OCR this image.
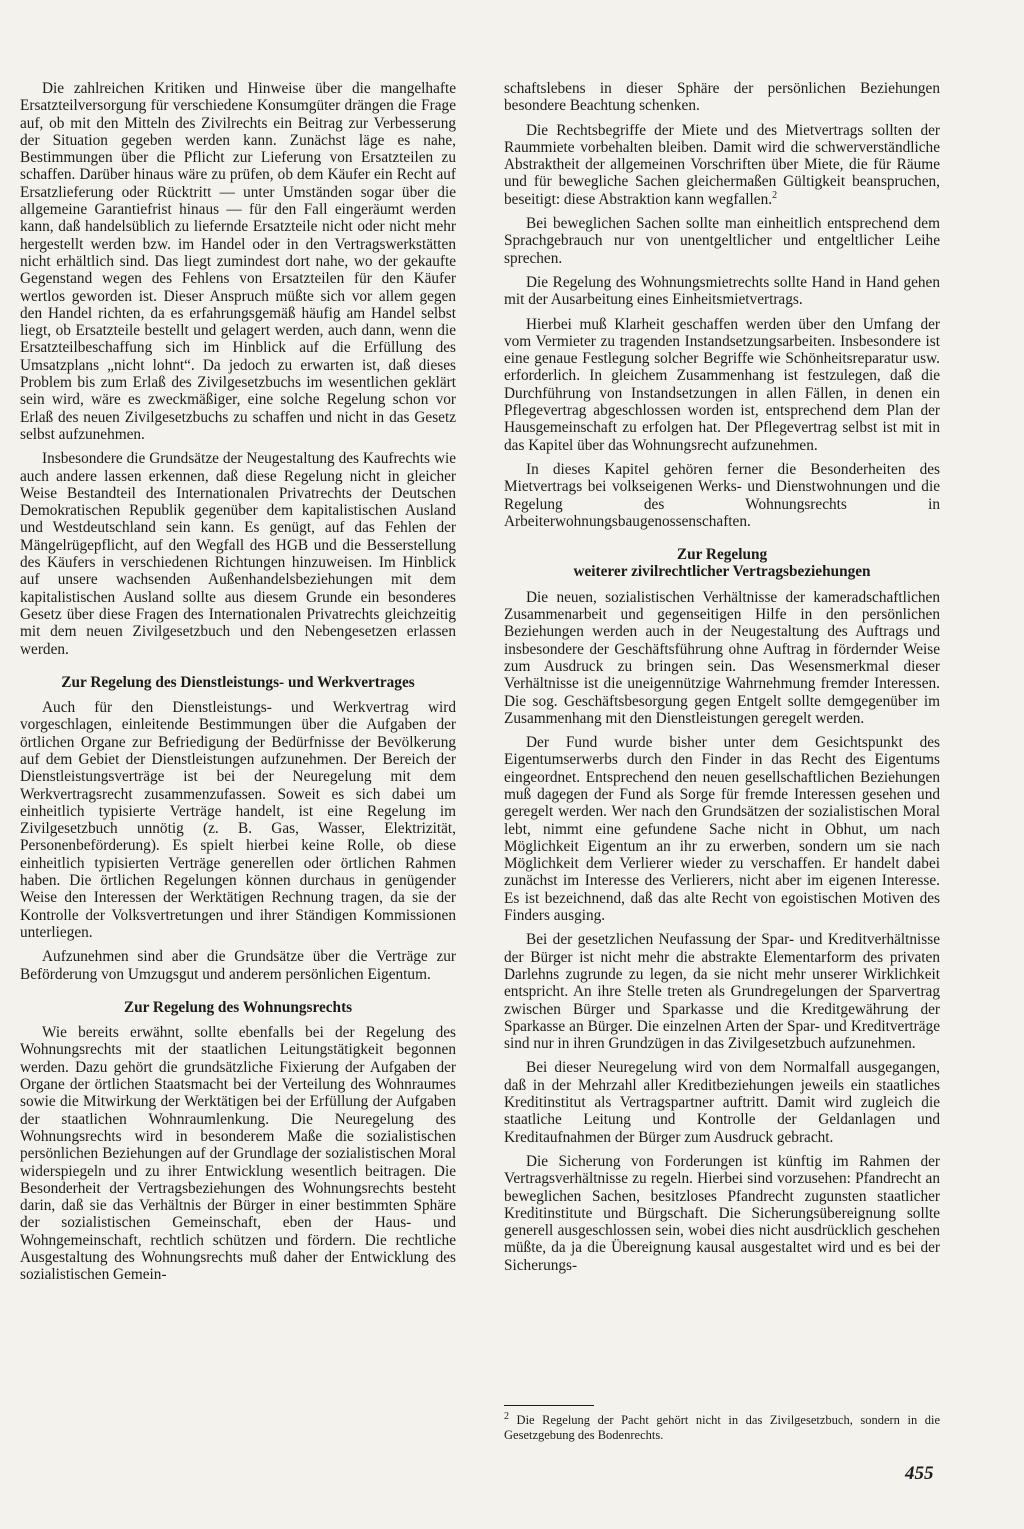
Die zahlreichen Kritiken und Hinweise über die mangelhafte Ersatzteilversorgung für verschiedene Konsumgüter drängen die Frage auf, ob mit den Mitteln des Zivilrechts ein Beitrag zur Verbesserung der Situation gegeben werden kann. Zunächst läge es nahe, Bestimmungen über die Pflicht zur Lieferung von Ersatzteilen zu schaffen. Darüber hinaus wäre zu prüfen, ob dem Käufer ein Recht auf Ersatzlieferung oder Rücktritt — unter Umständen sogar über die allgemeine Garantiefrist hinaus — für den Fall eingeräumt werden kann, daß handelsüblich zu liefernde Ersatzteile nicht oder nicht mehr hergestellt werden bzw. im Handel oder in den Vertragswerkstätten nicht erhältlich sind. Das liegt zumindest dort nahe, wo der gekaufte Gegenstand wegen des Fehlens von Ersatzteilen für den Käufer wertlos geworden ist. Dieser Anspruch müßte sich vor allem gegen den Handel richten, da es erfahrungsgemäß häufig am Handel selbst liegt, ob Ersatzteile bestellt und gelagert werden, auch dann, wenn die Ersatzteilbeschaffung sich im Hinblick auf die Erfüllung des Umsatzplans „nicht lohnt“. Da jedoch zu erwarten ist, daß dieses Problem bis zum Erlaß des Zivilgesetzbuchs im wesentlichen geklärt sein wird, wäre es zweckmäßiger, eine solche Regelung schon vor Erlaß des neuen Zivilgesetzbuchs zu schaffen und nicht in das Gesetz selbst aufzunehmen.

Insbesondere die Grundsätze der Neugestaltung des Kaufrechts wie auch andere lassen erkennen, daß diese Regelung nicht in gleicher Weise Bestandteil des Internationalen Privatrechts der Deutschen Demokratischen Republik gegenüber dem kapitalistischen Ausland und Westdeutschland sein kann. Es genügt, auf das Fehlen der Mängelrügepflicht, auf den Wegfall des HGB und die Besserstellung des Käufers in verschiedenen Richtungen hinzuweisen. Im Hinblick auf unsere wachsenden Außenhandelsbeziehungen mit dem kapitalistischen Ausland sollte aus diesem Grunde ein besonderes Gesetz über diese Fragen des Internationalen Privatrechts gleichzeitig mit dem neuen Zivilgesetzbuch und den Nebengesetzen erlassen werden.

Zur Regelung des Dienstleistungs- und Werkvertrages

Auch für den Dienstleistungs- und Werkvertrag wird vorgeschlagen, einleitende Bestimmungen über die Aufgaben der örtlichen Organe zur Befriedigung der Bedürfnisse der Bevölkerung auf dem Gebiet der Dienstleistungen aufzunehmen. Der Bereich der Dienstleistungsverträge ist bei der Neuregelung mit dem Werkvertragsrecht zusammenzufassen. Soweit es sich dabei um einheitlich typisierte Verträge handelt, ist eine Regelung im Zivilgesetzbuch unnötig (z. B. Gas, Wasser, Elektrizität, Personenbeförderung). Es spielt hierbei keine Rolle, ob diese einheitlich typisierten Verträge generellen oder örtlichen Rahmen haben. Die örtlichen Regelungen können durchaus in genügender Weise den Interessen der Werktätigen Rechnung tragen, da sie der Kontrolle der Volksvertretungen und ihrer Ständigen Kommissionen unterliegen.

Aufzunehmen sind aber die Grundsätze über die Verträge zur Beförderung von Umzugsgut und anderem persönlichen Eigentum.

Zur Regelung des Wohnungsrechts

Wie bereits erwähnt, sollte ebenfalls bei der Regelung des Wohnungsrechts mit der staatlichen Leitungstätigkeit begonnen werden. Dazu gehört die grundsätzliche Fixierung der Aufgaben der Organe der örtlichen Staatsmacht bei der Verteilung des Wohnraumes sowie die Mitwirkung der Werktätigen bei der Erfüllung der Aufgaben der staatlichen Wohnraumlenkung. Die Neuregelung des Wohnungsrechts wird in besonderem Maße die sozialistischen persönlichen Beziehungen auf der Grundlage der sozialistischen Moral widerspiegeln und zu ihrer Entwicklung wesentlich beitragen. Die Besonderheit der Vertragsbeziehungen des Wohnungsrechts besteht darin, daß sie das Verhältnis der Bürger in einer bestimmten Sphäre der sozialistischen Gemeinschaft, eben der Haus- und Wohngemeinschaft, rechtlich schützen und fördern. Die rechtliche Ausgestaltung des Wohnungsrechts muß daher der Entwicklung des sozialistischen Gemein-

schaftslebens in dieser Sphäre der persönlichen Beziehungen besondere Beachtung schenken.

Die Rechtsbegriffe der Miete und des Mietvertrags sollten der Raummiete vorbehalten bleiben. Damit wird die schwerverständliche Abstraktheit der allgemeinen Vorschriften über Miete, die für Räume und für bewegliche Sachen gleichermaßen Gültigkeit beanspruchen, beseitigt: diese Abstraktion kann wegfallen.$^2$

Bei beweglichen Sachen sollte man einheitlich entsprechend dem Sprachgebrauch nur von unentgeltlicher und entgeltlicher Leihe sprechen.

Die Regelung des Wohnungsmietrechts sollte Hand in Hand gehen mit der Ausarbeitung eines Einheitsmietvertrags.

Hierbei muß Klarheit geschaffen werden über den Umfang der vom Vermieter zu tragenden Instandsetzungsarbeiten. Insbesondere ist eine genaue Festlegung solcher Begriffe wie Schönheitsreparatur usw. erforderlich. In gleichem Zusammenhang ist festzulegen, daß die Durchführung von Instandsetzungen in allen Fällen, in denen ein Pflegevertrag abgeschlossen worden ist, entsprechend dem Plan der Hausgemeinschaft zu erfolgen hat. Der Pflegevertrag selbst ist mit in das Kapitel über das Wohnungsrecht aufzunehmen.

In dieses Kapitel gehören ferner die Besonderheiten des Mietvertrags bei volkseigenen Werks- und Dienstwohnungen und die Regelung des Wohnungsrechts in Arbeiterwohnungsbaugenossenschaften.

Zur Regelung
weiterer zivilrechtlicher Vertragsbeziehungen

Die neuen, sozialistischen Verhältnisse der kameradschaftlichen Zusammenarbeit und gegenseitigen Hilfe in den persönlichen Beziehungen werden auch in der Neugestaltung des Auftrags und insbesondere der Geschäftsführung ohne Auftrag in fördernder Weise zum Ausdruck zu bringen sein. Das Wesensmerkmal dieser Verhältnisse ist die uneigennützige Wahrnehmung fremder Interessen. Die sog. Geschäftsbesorgung gegen Entgelt sollte demgegenüber im Zusammenhang mit den Dienstleistungen geregelt werden.

Der Fund wurde bisher unter dem Gesichtspunkt des Eigentumserwerbs durch den Finder in das Recht des Eigentums eingeordnet. Entsprechend den neuen gesellschaftlichen Beziehungen muß dagegen der Fund als Sorge für fremde Interessen gesehen und geregelt werden. Wer nach den Grundsätzen der sozialistischen Moral lebt, nimmt eine gefundene Sache nicht in Obhut, um nach Möglichkeit Eigentum an ihr zu erwerben, sondern um sie nach Möglichkeit dem Verlierer wieder zu verschaffen. Er handelt dabei zunächst im Interesse des Verlierers, nicht aber im eigenen Interesse. Es ist bezeichnend, daß das alte Recht von egoistischen Motiven des Finders ausging.

Bei der gesetzlichen Neufassung der Spar- und Kreditverhältnisse der Bürger ist nicht mehr die abstrakte Elementarform des privaten Darlehns zugrunde zu legen, da sie nicht mehr unserer Wirklichkeit entspricht. An ihre Stelle treten als Grundregelungen der Sparvertrag zwischen Bürger und Sparkasse und die Kreditgewährung der Sparkasse an Bürger. Die einzelnen Arten der Spar- und Kreditverträge sind nur in ihren Grundzügen in das Zivilgesetzbuch aufzunehmen.

Bei dieser Neuregelung wird von dem Normalfall ausgegangen, daß in der Mehrzahl aller Kreditbeziehungen jeweils ein staatliches Kreditinstitut als Vertragspartner auftritt. Damit wird zugleich die staatliche Leitung und Kontrolle der Geldanlagen und Kreditaufnahmen der Bürger zum Ausdruck gebracht.

Die Sicherung von Forderungen ist künftig im Rahmen der Vertragsverhältnisse zu regeln. Hierbei sind vorzusehen: Pfandrecht an beweglichen Sachen, besitzloses Pfandrecht zugunsten staatlicher Kreditinstitute und Bürgschaft. Die Sicherungsübereignung sollte generell ausgeschlossen sein, wobei dies nicht ausdrücklich geschehen müßte, da ja die Übereignung kausal ausgestaltet wird und es bei der Sicherungs-

$^2$ Die Regelung der Pacht gehört nicht in das Zivilgesetzbuch, sondern in die Gesetzgebung des Bodenrechts.
455
